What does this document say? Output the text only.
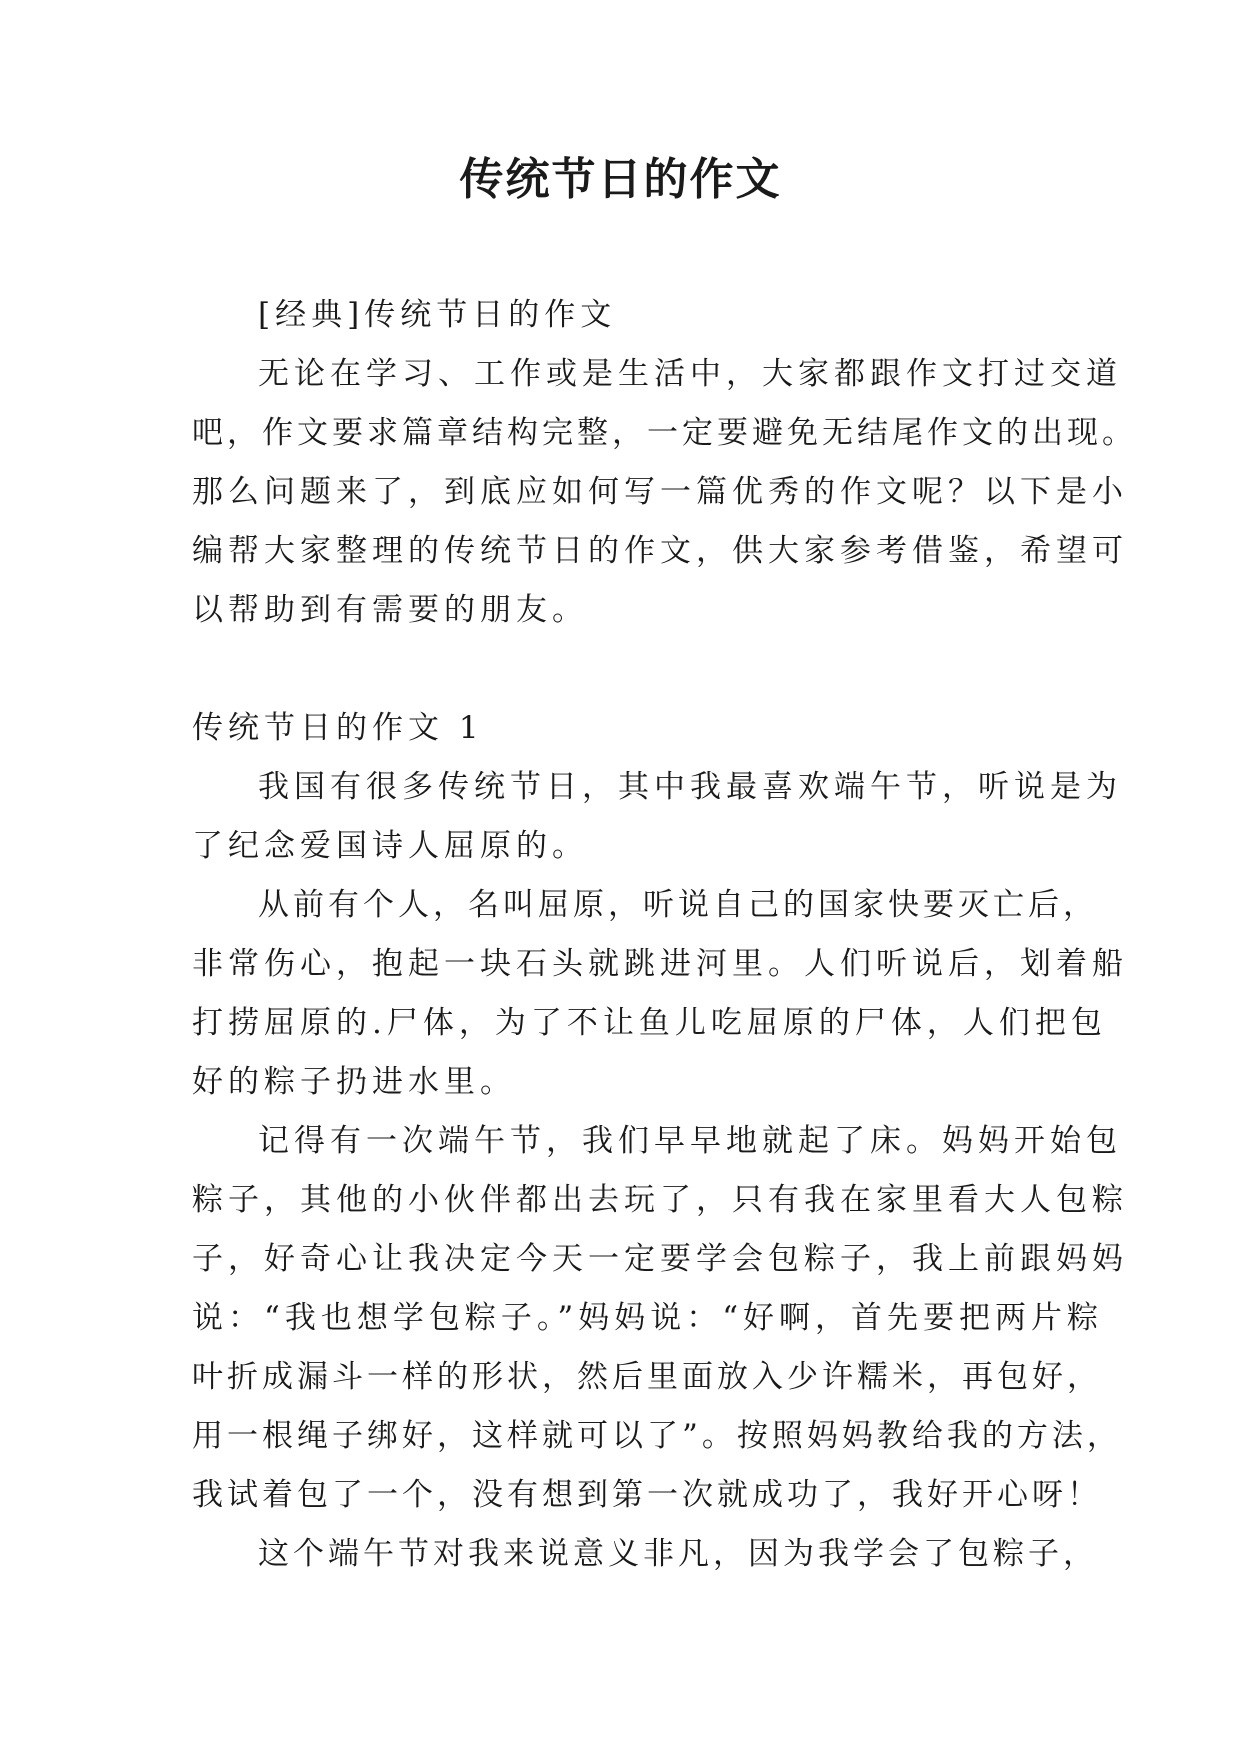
传统节日的作文
[经典]传统节日的作文
无论在学习、工作或是生活中，大家都跟作文打过交道
吧，作文要求篇章结构完整，一定要避免无结尾作文的出现。
那么问题来了，到底应如何写一篇优秀的作文呢？以下是小
编帮大家整理的传统节日的作文，供大家参考借鉴，希望可
以帮助到有需要的朋友。
传统节日的作文 1
我国有很多传统节日，其中我最喜欢端午节，听说是为
了纪念爱国诗人屈原的。
从前有个人，名叫屈原，听说自己的国家快要灭亡后，
非常伤心，抱起一块石头就跳进河里。人们听说后，划着船
打捞屈原的.尸体，为了不让鱼儿吃屈原的尸体，人们把包
好的粽子扔进水里。
记得有一次端午节，我们早早地就起了床。妈妈开始包
粽子，其他的小伙伴都出去玩了，只有我在家里看大人包粽
子，好奇心让我决定今天一定要学会包粽子，我上前跟妈妈
说：“我也想学包粽子。”妈妈说：“好啊，首先要把两片粽
叶折成漏斗一样的形状，然后里面放入少许糯米，再包好，
用一根绳子绑好，这样就可以了”。按照妈妈教给我的方法，
我试着包了一个，没有想到第一次就成功了，我好开心呀！
这个端午节对我来说意义非凡，因为我学会了包粽子，
